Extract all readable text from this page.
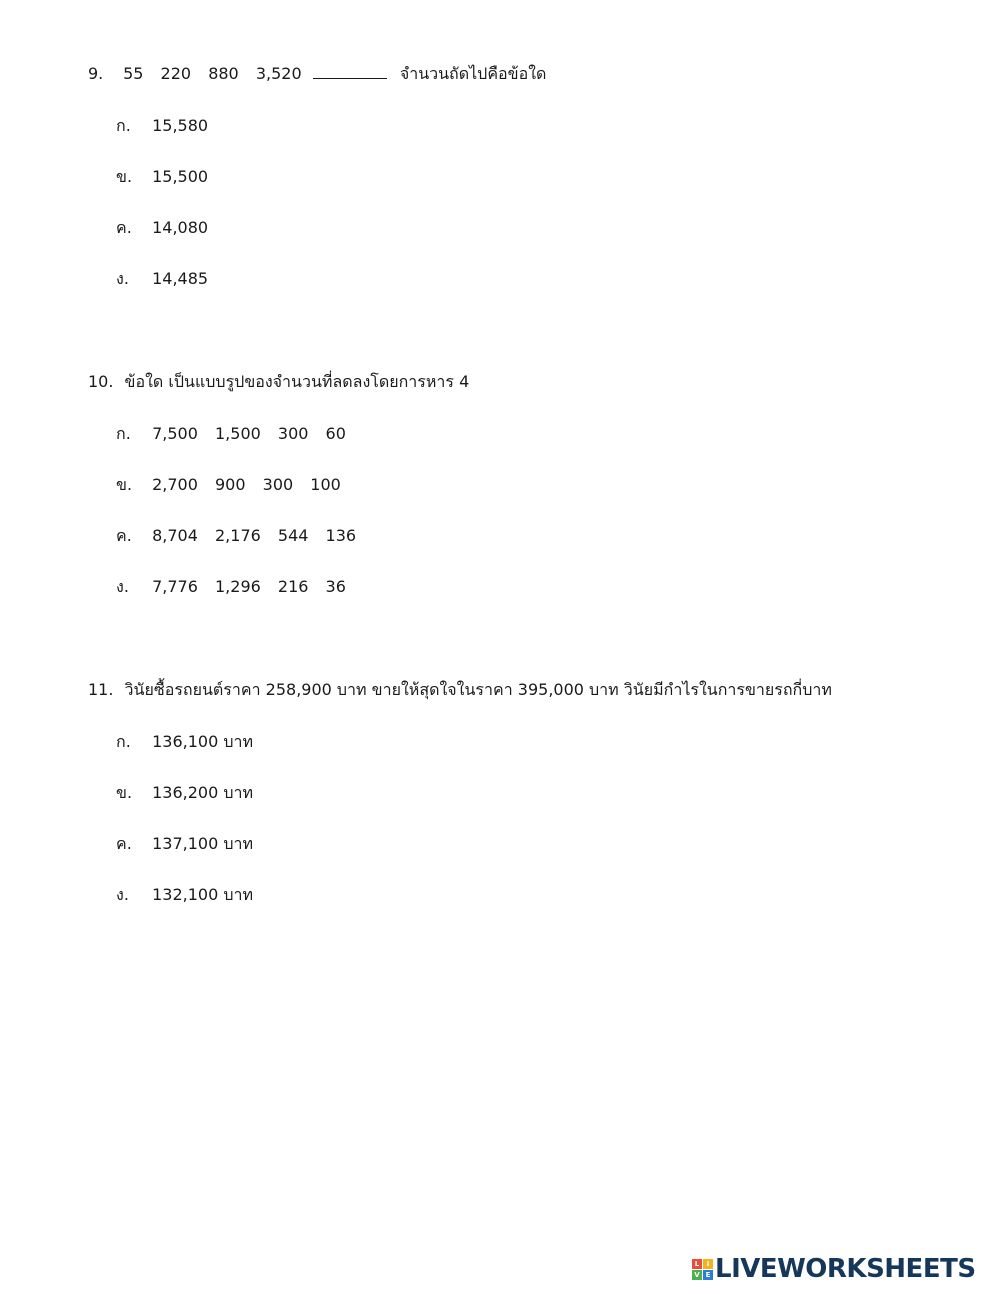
9. 55 220 880 3,520	จำนวนถัดไปคือข้อใด
ก. 15,580
ข. 15,500
ค. 14,080
ง. 14,485
10. ข้อใด เป็นแบบรูปของจำนวนที่ลดลงโดยการหาร 4
ก. 7,500 1,500 300 60
ข. 2,700 900 300 100
ค. 8,704 2,176 544 136
ง. 7,776 1,296 216 36
11. วินัยซื้อรถยนต์ราคา 258,900 บาท ขายให้สุดใจในราคา 395,000 บาท วินัยมีกำไรในการขายรถกี่บาท
ก. 136,100 บาท
ข. 136,200 บาท
ค. 137,100 บาท
ง. 132,100 บาท
L	I
V E LIVEWORKSHEETS
